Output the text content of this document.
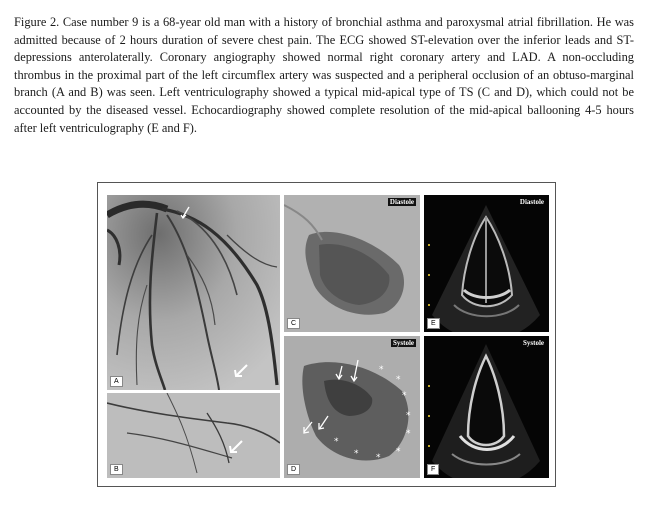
Figure 2. Case number 9 is a 68-year old man with a history of bronchial asthma and paroxysmal atrial fibrillation. He was admitted because of 2 hours duration of severe chest pain. The ECG showed ST-elevation over the inferior leads and ST-depressions anterolaterally. Coronary angiography showed normal right coronary artery and LAD. A non-occluding thrombus in the proximal part of the left circumflex artery was suspected and a peripheral occlusion of an obtuso-marginal branch (A and B) was seen. Left ventriculography showed a typical mid-apical type of TS (C and D), which could not be accounted by the diseased vessel. Echocardiography showed complete resolution of the mid-apical ballooning 4-5 hours after left ventriculography (E and F).
A
B
Diastole
C
*
*
*
*
*
*
*
*
*
Systole
D
Diastole
E
Systole
F
